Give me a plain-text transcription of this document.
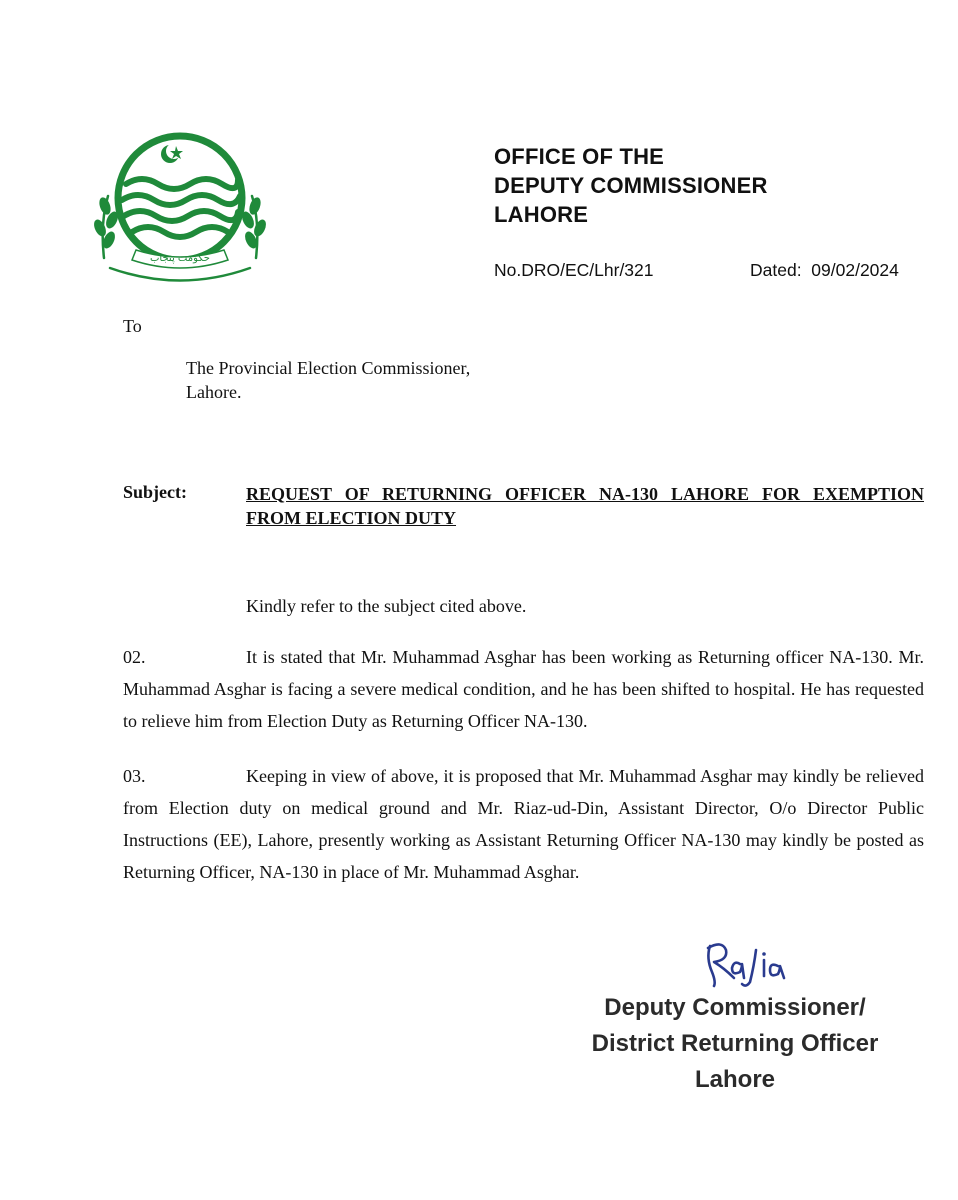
حکومت پنجاب
OFFICE OF THE
DEPUTY COMMISSIONER
LAHORE
No.DRO/EC/Lhr/321	Dated: 09/02/2024
To
The Provincial Election Commissioner,
Lahore.
Subject:	REQUEST OF RETURNING OFFICER NA-130 LAHORE FOR EXEMPTION FROM ELECTION DUTY
Kindly refer to the subject cited above.
02.	It is stated that Mr. Muhammad Asghar has been working as Returning officer NA-130. Mr. Muhammad Asghar is facing a severe medical condition, and he has been shifted to hospital. He has requested to relieve him from Election Duty as Returning Officer NA-130.
03.	Keeping in view of above, it is proposed that Mr. Muhammad Asghar may kindly be relieved from Election duty on medical ground and Mr. Riaz-ud-Din, Assistant Director, O/o Director Public Instructions (EE), Lahore, presently working as Assistant Returning Officer NA-130 may kindly be posted as Returning Officer, NA-130 in place of Mr. Muhammad Asghar.
Deputy Commissioner/
District Returning Officer
Lahore
